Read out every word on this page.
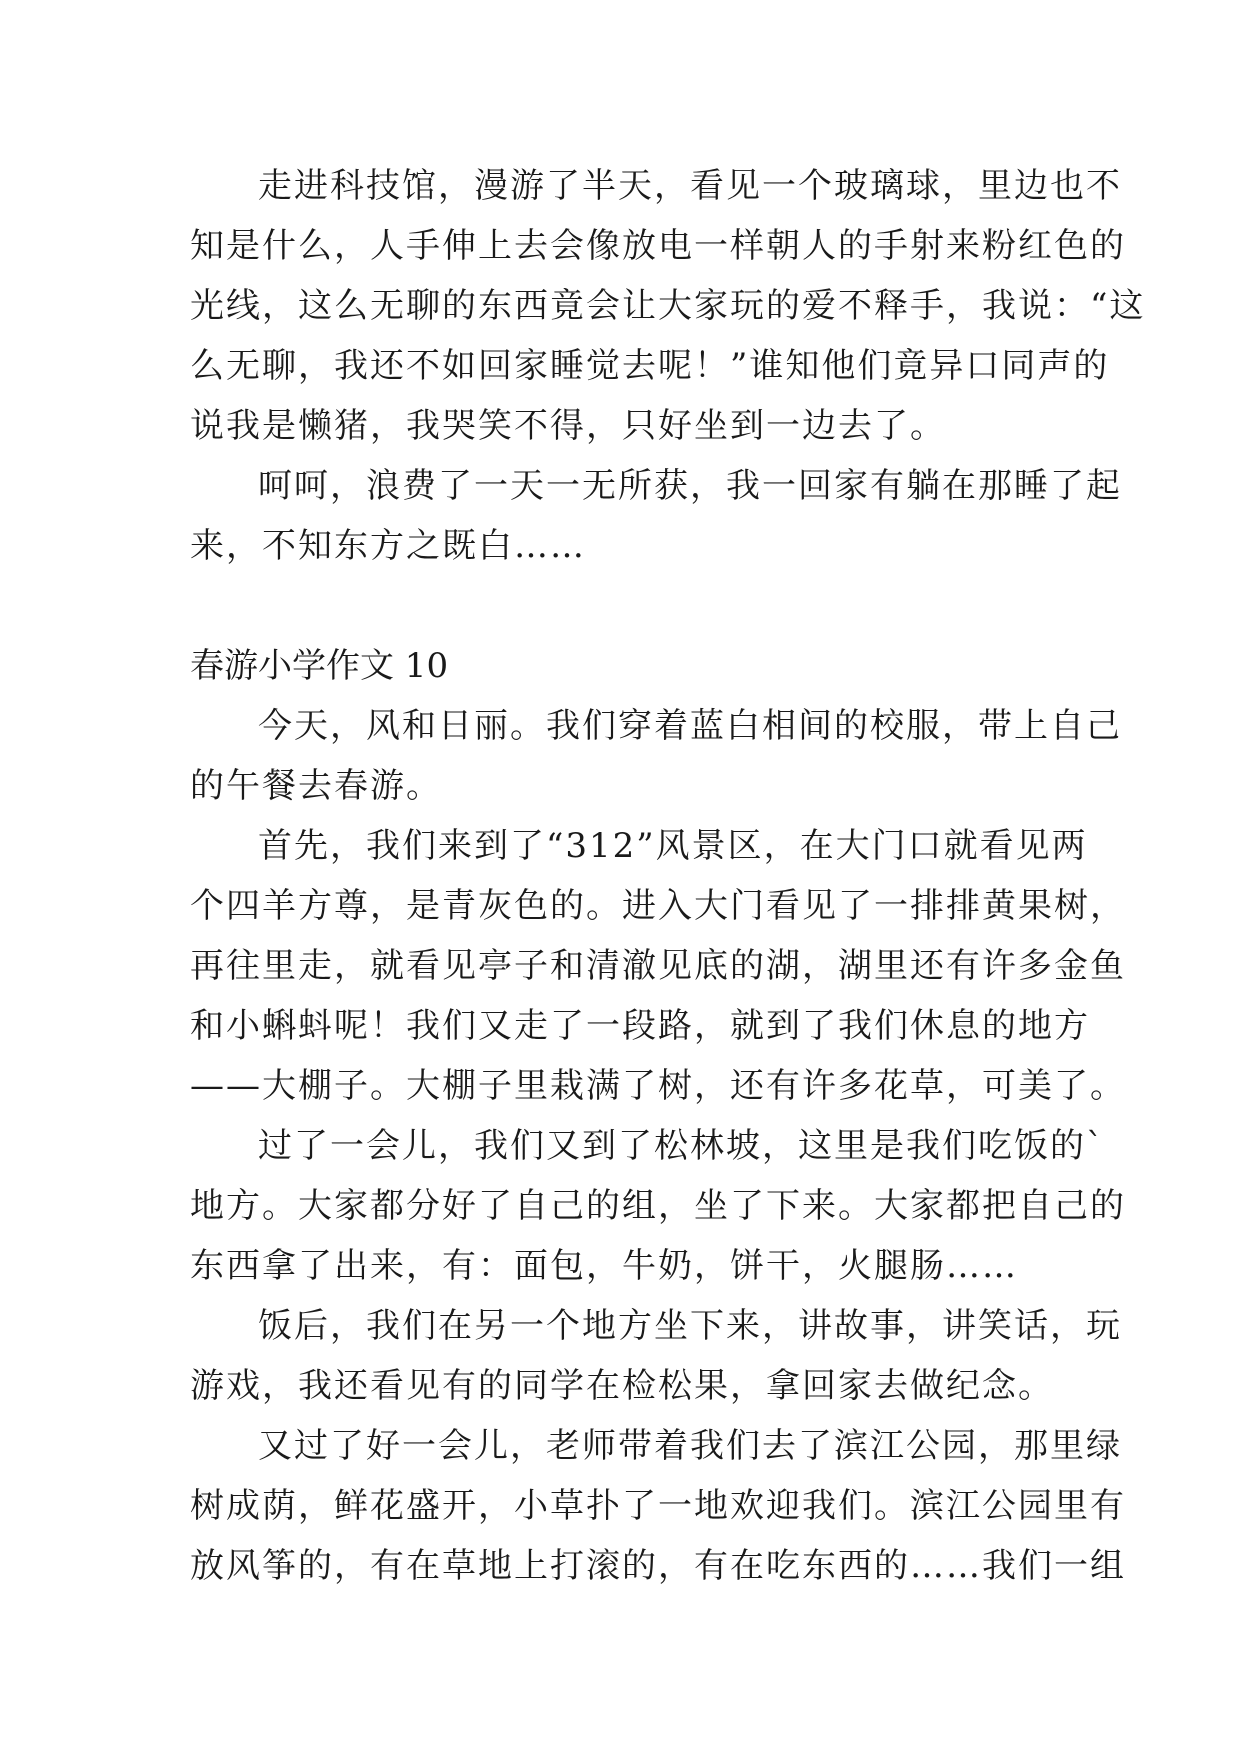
走进科技馆，漫游了半天，看见一个玻璃球，里边也不
知是什么，人手伸上去会像放电一样朝人的手射来粉红色的
光线，这么无聊的东西竟会让大家玩的爱不释手，我说：“这
么无聊，我还不如回家睡觉去呢！”谁知他们竟异口同声的
说我是懒猪，我哭笑不得，只好坐到一边去了。
呵呵，浪费了一天一无所获，我一回家有躺在那睡了起
来，不知东方之既白……
春游小学作文 10
今天，风和日丽。我们穿着蓝白相间的校服，带上自己
的午餐去春游。
首先，我们来到了“312”风景区，在大门口就看见两
个四羊方尊，是青灰色的。进入大门看见了一排排黄果树，
再往里走，就看见亭子和清澈见底的湖，湖里还有许多金鱼
和小蝌蚪呢！我们又走了一段路，就到了我们休息的地方
——大棚子。大棚子里栽满了树，还有许多花草，可美了。
过了一会儿，我们又到了松林坡，这里是我们吃饭的`
地方。大家都分好了自己的组，坐了下来。大家都把自己的
东西拿了出来，有：面包，牛奶，饼干，火腿肠……
饭后，我们在另一个地方坐下来，讲故事，讲笑话，玩
游戏，我还看见有的同学在检松果，拿回家去做纪念。
又过了好一会儿，老师带着我们去了滨江公园，那里绿
树成荫，鲜花盛开，小草扑了一地欢迎我们。滨江公园里有
放风筝的，有在草地上打滚的，有在吃东西的……我们一组
